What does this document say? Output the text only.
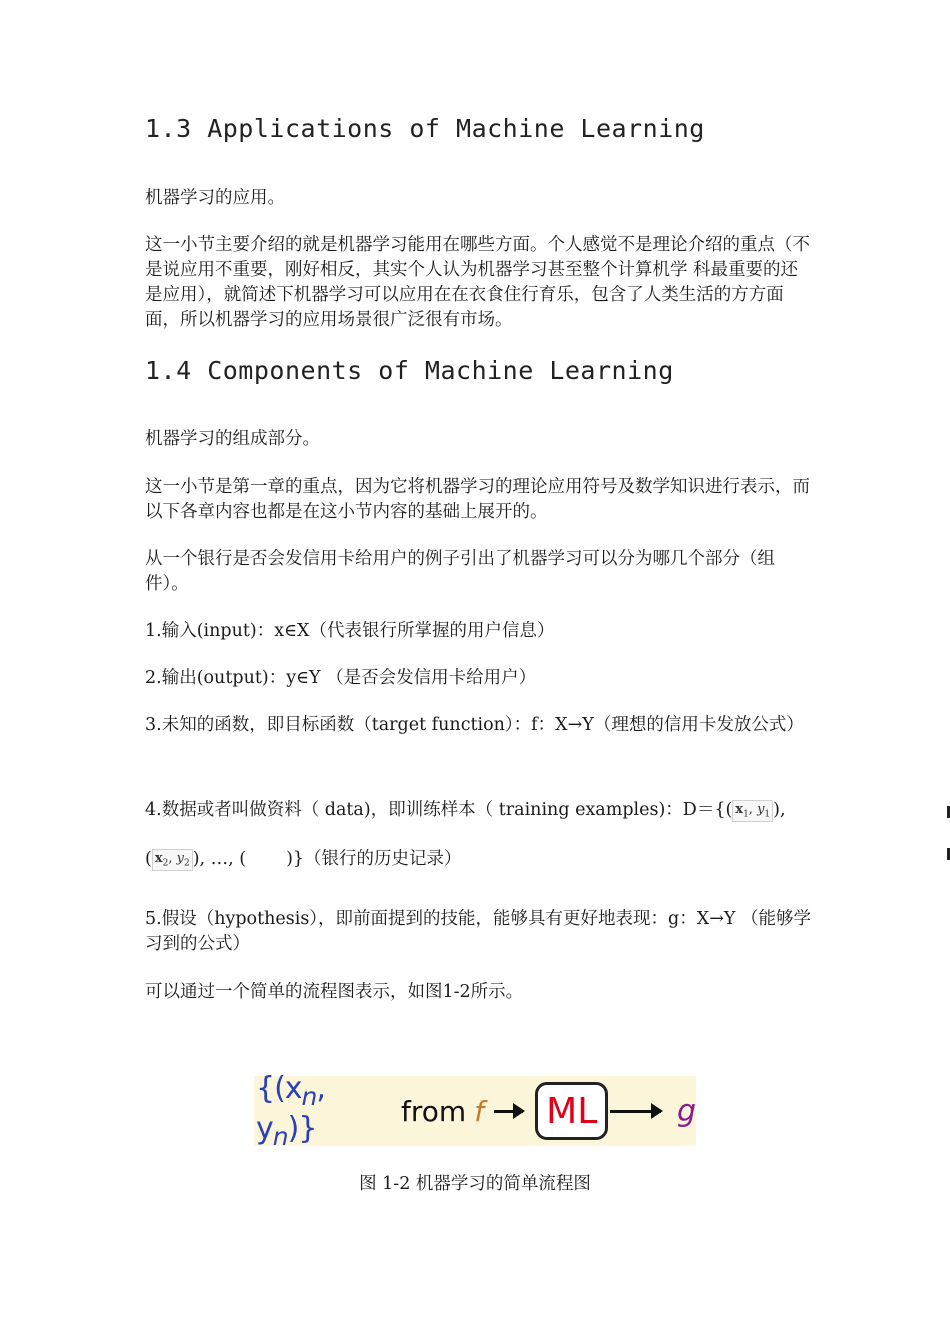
1.3 Applications of Machine Learning

机器学习的应用。

这一小节主要介绍的就是机器学习能用在哪些方面。个人感觉不是理论介绍的重点（不是说应用不重要，刚好相反，其实个人认为机器学习甚至整个计算机学 科最重要的还是应用），就简述下机器学习可以应用在在衣食住行育乐，包含了人类生活的方方面面，所以机器学习的应用场景很广泛很有市场。

1.4 Components of Machine Learning

机器学习的组成部分。

这一小节是第一章的重点，因为它将机器学习的理论应用符号及数学知识进行表示，而以下各章内容也都是在这小节内容的基础上展开的。

从一个银行是否会发信用卡给用户的例子引出了机器学习可以分为哪几个部分（组件）。

1.输入(input)：x∈X（代表银行所掌握的用户信息）

2.输出(output)：y∈Y （是否会发信用卡给用户）

3.未知的函数，即目标函数（target function）：f：X→Y（理想的信用卡发放公式）

4.数据或者叫做资料（ data)，即训练样本（ training examples)：D＝{( $x_1$, $y_1$ ),

( $x_2$, $y_2$ ), …, ( )}（银行的历史记录）

5.假设（hypothesis），即前面提到的技能，能够具有更好地表现：g：X→Y （能够学习到的公式）

可以通过一个简单的流程图表示，如图1-2所示。

{($x_n$, $y_n$)}	from f ML	g
图 1-2 机器学习的简单流程图
